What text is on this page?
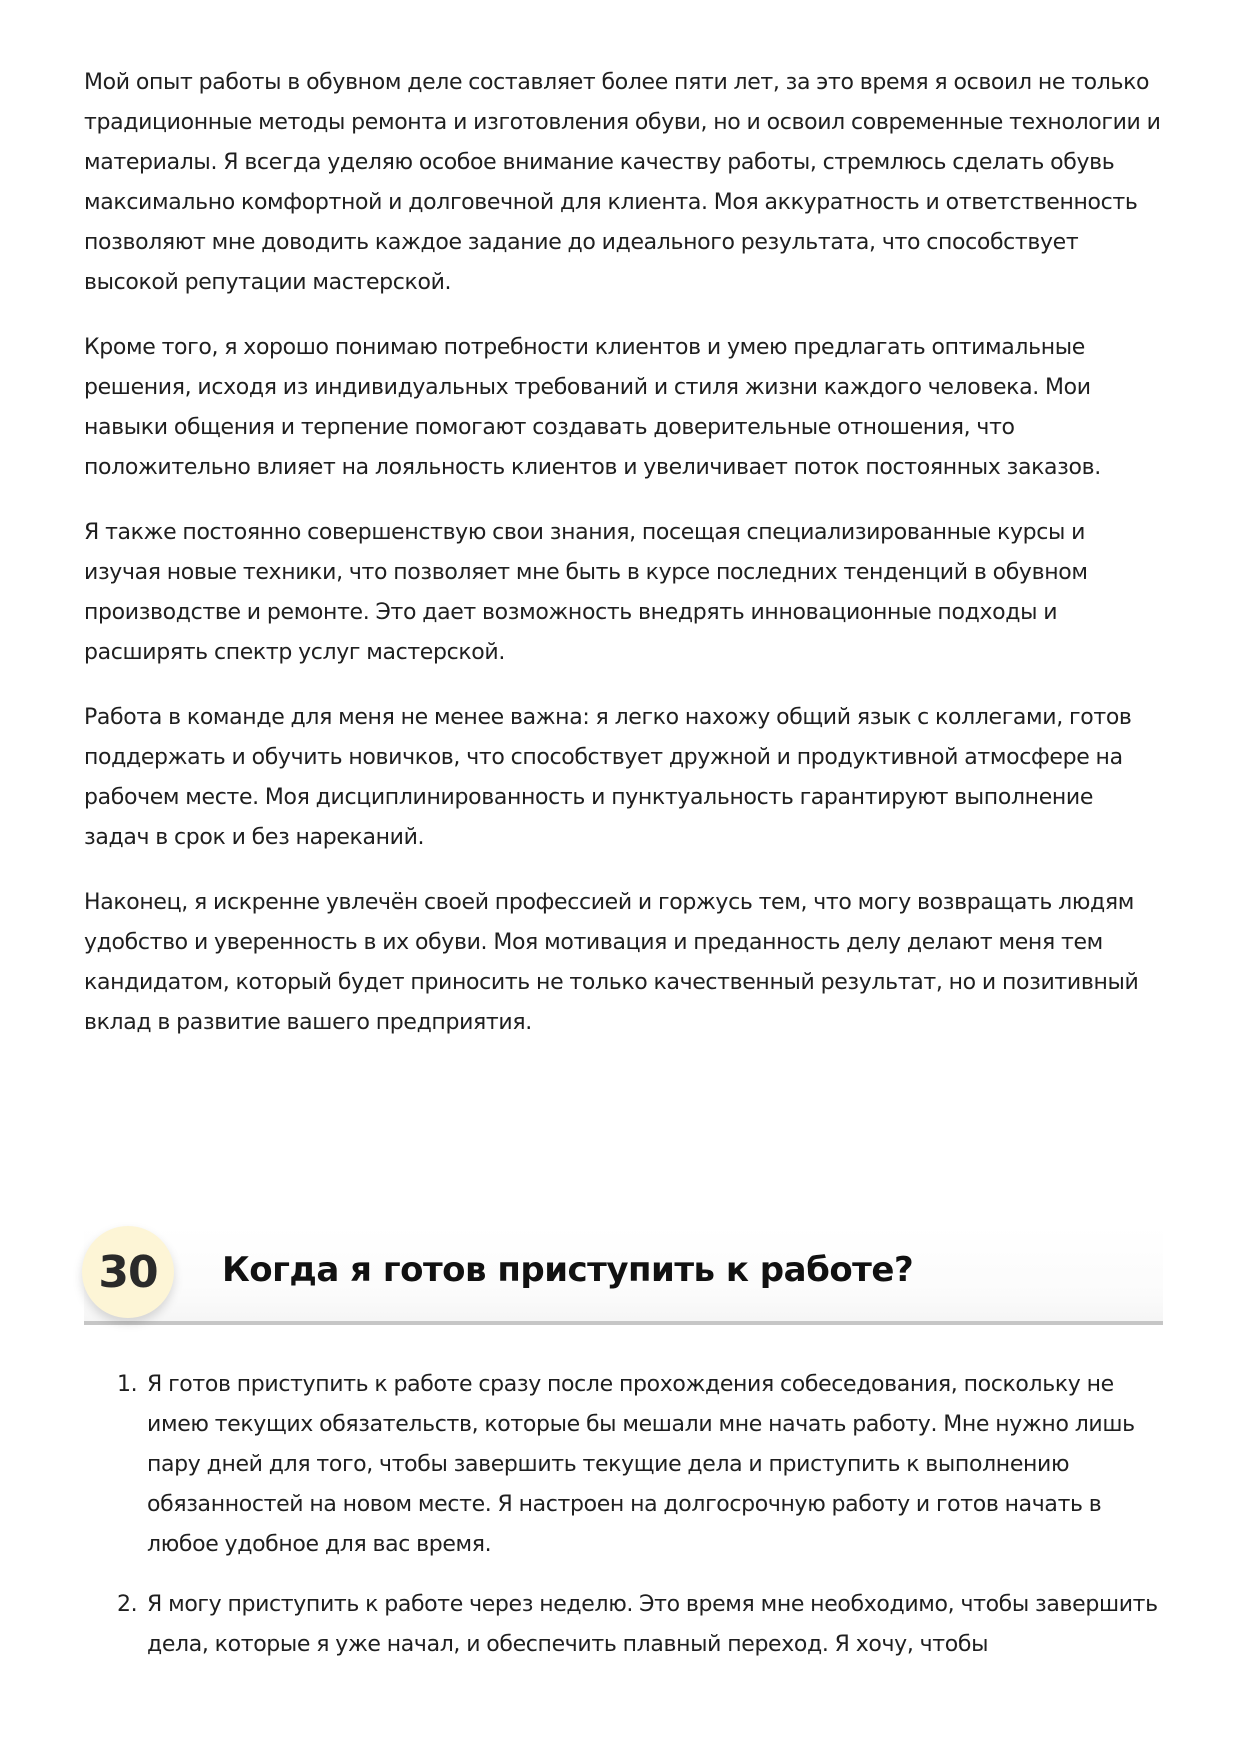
Мой опыт работы в обувном деле составляет более пяти лет, за это время я освоил не только традиционные методы ремонта и изготовления обуви, но и освоил современные технологии и материалы. Я всегда уделяю особое внимание качеству работы, стремлюсь сделать обувь максимально комфортной и долговечной для клиента. Моя аккуратность и ответственность позволяют мне доводить каждое задание до идеального результата, что способствует высокой репутации мастерской.

Кроме того, я хорошо понимаю потребности клиентов и умею предлагать оптимальные решения, исходя из индивидуальных требований и стиля жизни каждого человека. Мои навыки общения и терпение помогают создавать доверительные отношения, что положительно влияет на лояльность клиентов и увеличивает поток постоянных заказов.

Я также постоянно совершенствую свои знания, посещая специализированные курсы и изучая новые техники, что позволяет мне быть в курсе последних тенденций в обувном производстве и ремонте. Это дает возможность внедрять инновационные подходы и расширять спектр услуг мастерской.

Работа в команде для меня не менее важна: я легко нахожу общий язык с коллегами, готов поддержать и обучить новичков, что способствует дружной и продуктивной атмосфере на рабочем месте. Моя дисциплинированность и пунктуальность гарантируют выполнение задач в срок и без нареканий.

Наконец, я искренне увлечён своей профессией и горжусь тем, что могу возвращать людям удобство и уверенность в их обуви. Моя мотивация и преданность делу делают меня тем кандидатом, который будет приносить не только качественный результат, но и позитивный вклад в развитие вашего предприятия.

30	Когда я готов приступить к работе?
1. Я готов приступить к работе сразу после прохождения собеседования, поскольку не имею текущих обязательств, которые бы мешали мне начать работу. Мне нужно лишь пару дней для того, чтобы завершить текущие дела и приступить к выполнению обязанностей на новом месте. Я настроен на долгосрочную работу и готов начать в любое удобное для вас время.
2. Я могу приступить к работе через неделю. Это время мне необходимо, чтобы завершить дела, которые я уже начал, и обеспечить плавный переход. Я хочу, чтобы
